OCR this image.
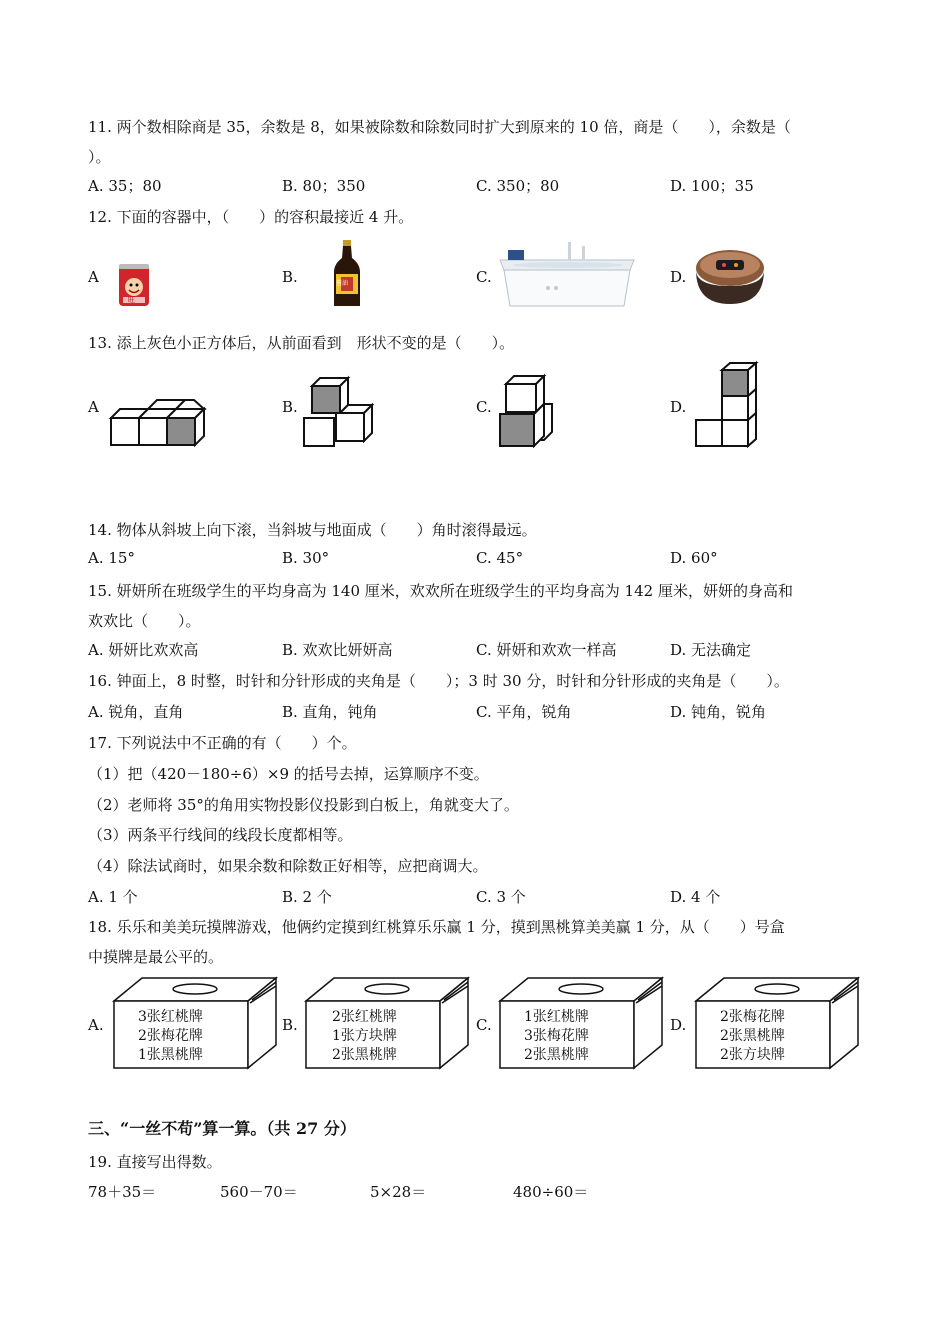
11. 两个数相除商是 35，余数是 8，如果被除数和除数同时扩大到原来的 10 倍，商是（　　），余数是（
）。
A. 35；80	B. 80；350	C. 350；80	D. 100；35
12. 下面的容器中，（　　）的容积最接近 4 升。
A	B.	C.	D.
旺
酱油
13. 添上灰色小正方体后，从前面看到　形状不变的是（　　）。
A	B.	C.	D.
14. 物体从斜坡上向下滚，当斜坡与地面成（　　）角时滚得最远。
A. 15°	B. 30°	C. 45°	D. 60°
15. 妍妍所在班级学生的平均身高为 140 厘米，欢欢所在班级学生的平均身高为 142 厘米，妍妍的身高和
欢欢比（　　）。
A. 妍妍比欢欢高	B. 欢欢比妍妍高	C. 妍妍和欢欢一样高	D. 无法确定
16. 钟面上，8 时整，时针和分针形成的夹角是（　　）；3 时 30 分，时针和分针形成的夹角是（　　）。
A. 锐角，直角	B. 直角，钝角	C. 平角，锐角	D. 钝角，锐角
17. 下列说法中不正确的有（　　）个。
（1）把（420－180÷6）×9 的括号去掉，运算顺序不变。
（2）老师将 35°的角用实物投影仪投影到白板上，角就变大了。
（3）两条平行线间的线段长度都相等。
（4）除法试商时，如果余数和除数正好相等，应把商调大。
A. 1 个	B. 2 个	C. 3 个	D. 4 个
18. 乐乐和美美玩摸牌游戏，他俩约定摸到红桃算乐乐赢 1 分，摸到黑桃算美美赢 1 分，从（　　）号盒
中摸牌是最公平的。
A. 3张红桃牌
2张梅花牌
1张黑桃牌
B. 2张红桃牌
1张方块牌
2张黑桃牌
C. 1张红桃牌
3张梅花牌
2张黑桃牌
D. 2张梅花牌
2张黑桃牌
2张方块牌
三、“一丝不苟”算一算。（共 27 分）
19. 直接写出得数。
78＋35＝	560－70＝	5×28＝	480÷60＝
